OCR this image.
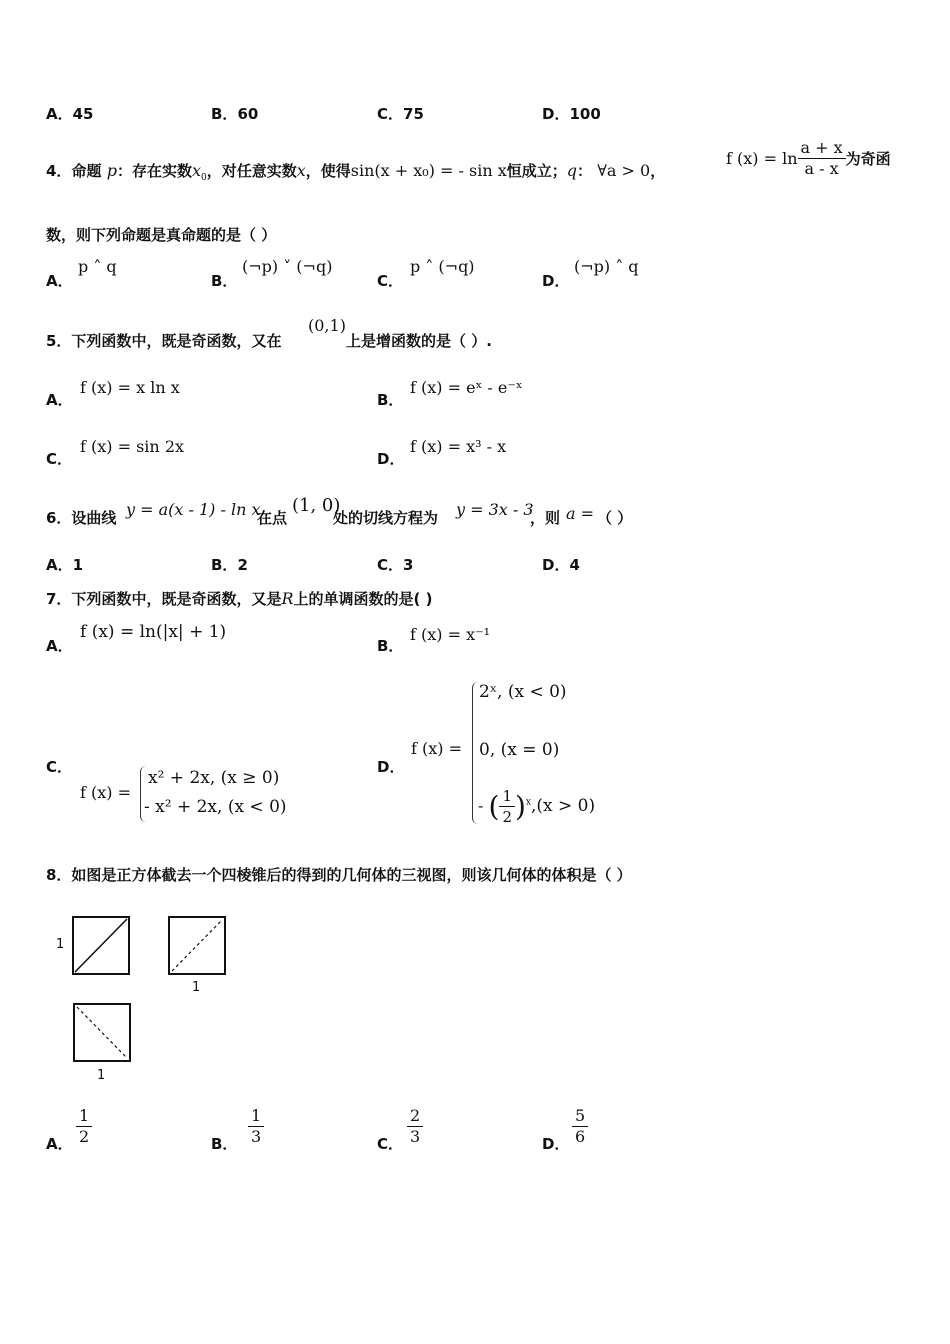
A．45	B．60	C．75	D．100
4．命题 p：存在实数$x_0$，对任意实数x，使得sin(x + x₀) = - sin x恒成立；q： ∀a > 0，
f $(x) = \ln \frac{a + x}{a - x}$ 为奇函
数，则下列命题是真命题的是（ ）
A．
p ˄ q
B．
(¬p) ˅ (¬q)
C．
p ˄ (¬q)
D．
(¬p) ˄ q
5．下列函数中，既是奇函数，又在
(0,1)
上是增函数的是（ ）.
A．
f (x) = x ln x
B．
f (x) = eˣ - e⁻ˣ
C．
f (x) = sin 2x
D．
f (x) = x³ - x
6．设曲线 y = a(x - 1) - ln x
在点
(1, 0)
处的切线方程为 y = 3x - 3
，则 a = （ ）
A．1	B．2	C．3	D．4
7．下列函数中，既是奇函数，又是R上的单调函数的是( )
A．
f (x) = ln(|x| + 1)
B．
f (x) = x⁻¹
C．
f (x) =
x² + 2x, (x ≥ 0)
- x² + 2x, (x < 0)
D．
f (x) =
2ˣ, (x < 0)
0, (x = 0)
- ( $\frac{1}{2} )^x,(x > 0)$
8．如图是正方体截去一个四棱锥后的得到的几何体的三视图，则该几何体的体积是（ ）
1
1
1
A． $\frac{1}{2}$	B． $\frac{1}{3}$	C． $\frac{2}{3}$	D． $\frac{5}{6}$
